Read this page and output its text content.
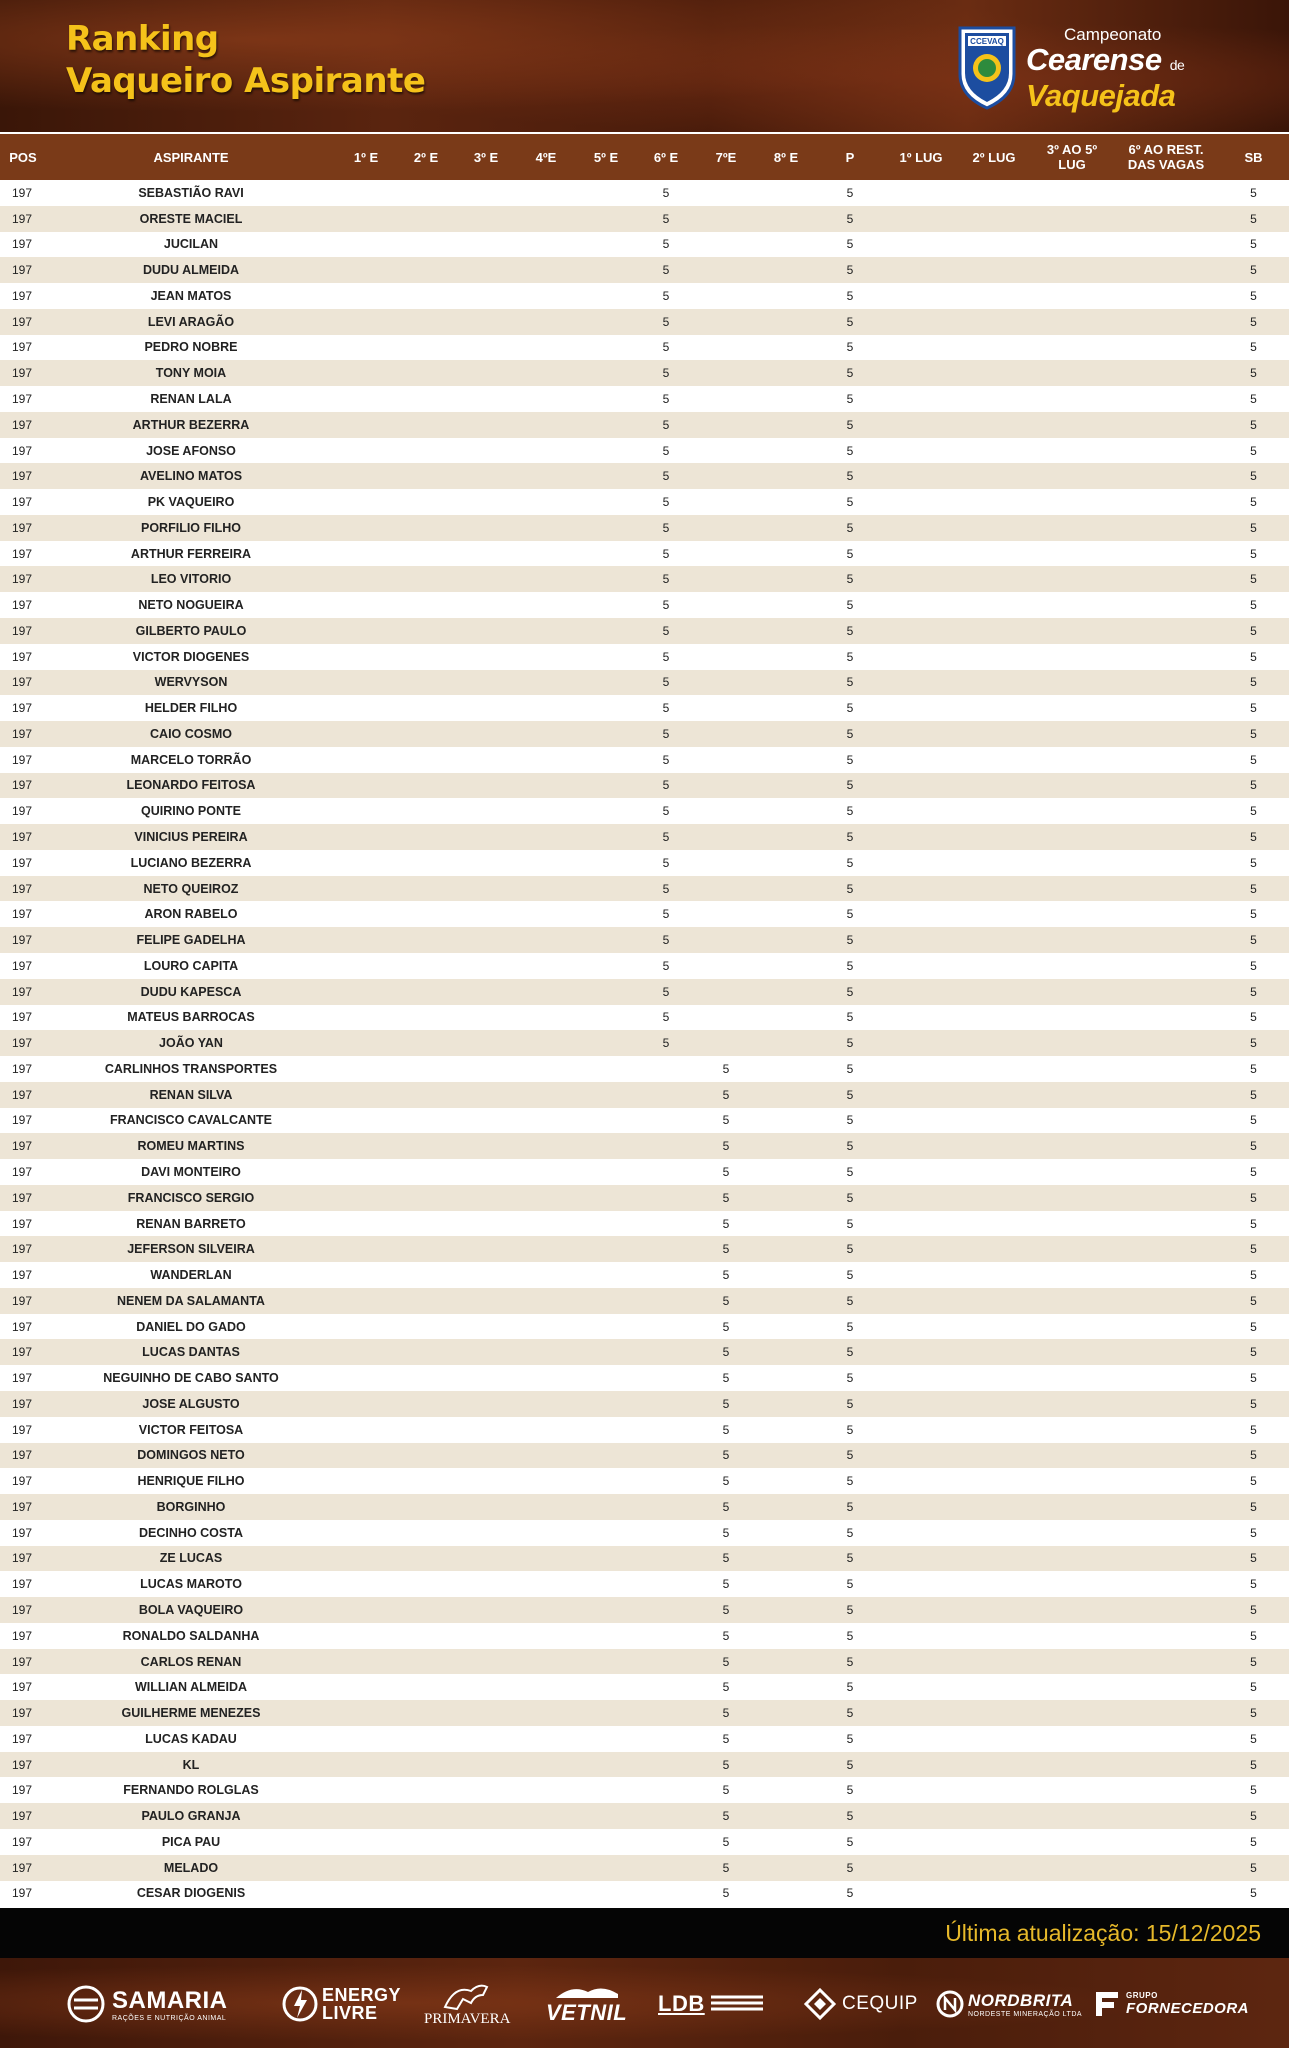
Ranking
Vaqueiro Aspirante
CCEVAQ	Campeonato
Cearense de
Vaquejada
POS	ASPIRANTE	1º E	2º E	3º E	4ºE	5º E	6º E	7ºE	8º E	P	1º LUG	2º LUG	3º AO 5º LUG	6º AO REST. DAS VAGAS	SB
197	SEBASTIÃO RAVI						5			5					5
197	ORESTE MACIEL						5			5					5
197	JUCILAN						5			5					5
197	DUDU ALMEIDA						5			5					5
197	JEAN MATOS						5			5					5
197	LEVI ARAGÃO						5			5					5
197	PEDRO NOBRE						5			5					5
197	TONY MOIA						5			5					5
197	RENAN LALA						5			5					5
197	ARTHUR BEZERRA						5			5					5
197	JOSE AFONSO						5			5					5
197	AVELINO MATOS						5			5					5
197	PK VAQUEIRO						5			5					5
197	PORFILIO FILHO						5			5					5
197	ARTHUR FERREIRA						5			5					5
197	LEO VITORIO						5			5					5
197	NETO NOGUEIRA						5			5					5
197	GILBERTO PAULO						5			5					5
197	VICTOR DIOGENES						5			5					5
197	WERVYSON						5			5					5
197	HELDER FILHO						5			5					5
197	CAIO COSMO						5			5					5
197	MARCELO TORRÃO						5			5					5
197	LEONARDO FEITOSA						5			5					5
197	QUIRINO PONTE						5			5					5
197	VINICIUS PEREIRA						5			5					5
197	LUCIANO BEZERRA						5			5					5
197	NETO QUEIROZ						5			5					5
197	ARON RABELO						5			5					5
197	FELIPE GADELHA						5			5					5
197	LOURO CAPITA						5			5					5
197	DUDU KAPESCA						5			5					5
197	MATEUS BARROCAS						5			5					5
197	JOÃO YAN						5			5					5
197	CARLINHOS TRANSPORTES							5		5					5
197	RENAN SILVA							5		5					5
197	FRANCISCO CAVALCANTE							5		5					5
197	ROMEU MARTINS							5		5					5
197	DAVI MONTEIRO							5		5					5
197	FRANCISCO SERGIO							5		5					5
197	RENAN BARRETO							5		5					5
197	JEFERSON SILVEIRA							5		5					5
197	WANDERLAN							5		5					5
197	NENEM DA SALAMANTA							5		5					5
197	DANIEL DO GADO							5		5					5
197	LUCAS DANTAS							5		5					5
197	NEGUINHO DE CABO SANTO							5		5					5
197	JOSE ALGUSTO							5		5					5
197	VICTOR FEITOSA							5		5					5
197	DOMINGOS NETO							5		5					5
197	HENRIQUE FILHO							5		5					5
197	BORGINHO							5		5					5
197	DECINHO COSTA							5		5					5
197	ZE LUCAS							5		5					5
197	LUCAS MAROTO							5		5					5
197	BOLA VAQUEIRO							5		5					5
197	RONALDO SALDANHA							5		5					5
197	CARLOS RENAN							5		5					5
197	WILLIAN ALMEIDA							5		5					5
197	GUILHERME MENEZES							5		5					5
197	LUCAS KADAU							5		5					5
197	KL							5		5					5
197	FERNANDO ROLGLAS							5		5					5
197	PAULO GRANJA							5		5					5
197	PICA PAU							5		5					5
197	MELADO							5		5					5
197	CESAR DIOGENIS							5		5					5
Última atualização: 15/12/2025
SAMARIA
RAÇÕES E NUTRIÇÃO ANIMAL
ENERGY LIVRE	PRIMAVERA VETNIL LDB	CEQUIP	NORDBRITA
NORDESTE MINERAÇÃO LTDA
GRUPO
FORNECEDORA
